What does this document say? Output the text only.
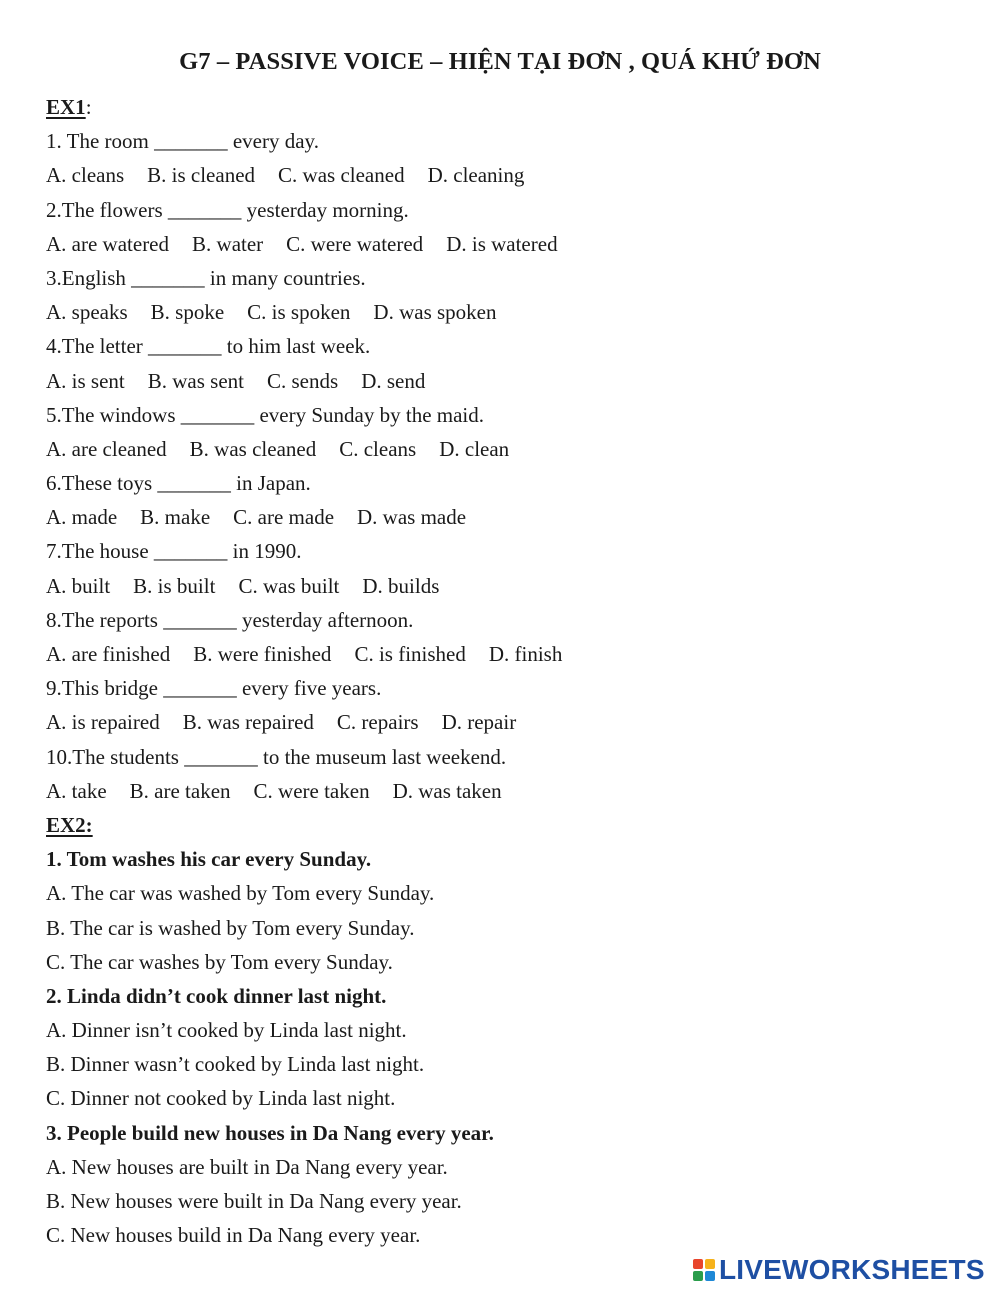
G7 – PASSIVE VOICE – HIỆN TẠI ĐƠN , QUÁ KHỨ ĐƠN
EX1:
1. The room _______ every day.
A. cleans B. is cleaned C. was cleaned D. cleaning
2.The flowers _______ yesterday morning.
A. are watered B. water C. were watered D. is watered
3.English _______ in many countries.
A. speaks B. spoke C. is spoken D. was spoken
4.The letter _______ to him last week.
A. is sent B. was sent C. sends D. send
5.The windows _______ every Sunday by the maid.
A. are cleaned B. was cleaned C. cleans D. clean
6.These toys _______ in Japan.
A. made B. make C. are made D. was made
7.The house _______ in 1990.
A. built B. is built C. was built D. builds
8.The reports _______ yesterday afternoon.
A. are finished B. were finished C. is finished D. finish
9.This bridge _______ every five years.
A. is repaired B. was repaired C. repairs D. repair
10.The students _______ to the museum last weekend.
A. take B. are taken C. were taken D. was taken
EX2:
1. Tom washes his car every Sunday.
A. The car was washed by Tom every Sunday.
B. The car is washed by Tom every Sunday.
C. The car washes by Tom every Sunday.
2. Linda didn’t cook dinner last night.
A. Dinner isn’t cooked by Linda last night.
B. Dinner wasn’t cooked by Linda last night.
C. Dinner not cooked by Linda last night.
3. People build new houses in Da Nang every year.
A. New houses are built in Da Nang every year.
B. New houses were built in Da Nang every year.
C. New houses build in Da Nang every year.
LIVEWORKSHEETS
